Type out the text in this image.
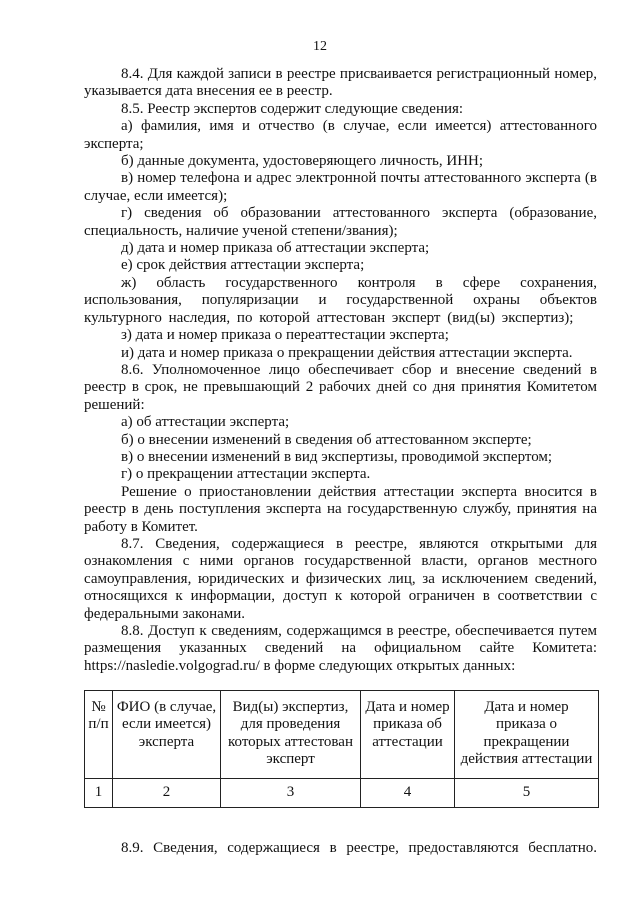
12

8.4. Для каждой записи в реестре присваивается регистрационный номер, указывается дата внесения ее в реестр.

8.5. Реестр экспертов содержит следующие сведения:

а) фамилия, имя и отчество (в случае, если имеется) аттестованного эксперта;

б) данные документа, удостоверяющего личность, ИНН;

в) номер телефона и адрес электронной почты аттестованного эксперта (в случае, если имеется);

г) сведения об образовании аттестованного эксперта (образование, специальность, наличие ученой степени/звания);

д) дата и номер приказа об аттестации эксперта;

е) срок действия аттестации эксперта;

ж) область государственного контроля в сфере сохранения, использования, популяризации и государственной охраны объектов культурного наследия, по которой аттестован эксперт (вид(ы) экспертиз);

з) дата и номер приказа о переаттестации эксперта;

и) дата и номер приказа о прекращении действия аттестации эксперта.

8.6. Уполномоченное лицо обеспечивает сбор и внесение сведений в реестр в срок, не превышающий 2 рабочих дней со дня принятия Комитетом решений:

а) об аттестации эксперта;

б) о внесении изменений в сведения об аттестованном эксперте;

в) о внесении изменений в вид экспертизы, проводимой экспертом;

г) о прекращении аттестации эксперта.

Решение о приостановлении действия аттестации эксперта вносится в реестр в день поступления эксперта на государственную службу, принятия на работу в Комитет.

8.7. Сведения, содержащиеся в реестре, являются открытыми для ознакомления с ними органов государственной власти, органов местного самоуправления, юридических и физических лиц, за исключением сведений, относящихся к информации, доступ к которой ограничен в соответствии с федеральными законами.

8.8. Доступ к сведениям, содержащимся в реестре, обеспечивается путем размещения указанных сведений на официальном сайте Комитета: https://nasledie.volgograd.ru/ в форме следующих открытых данных:

№ п/п	ФИО (в случае, если имеется) эксперта	Вид(ы) экспертиз, для проведения которых аттестован эксперт	Дата и номер приказа об аттестации	Дата и номер приказа о прекращении действия аттестации
1	2	3	4	5

8.9. Сведения, содержащиеся в реестре, предоставляются бесплатно.
